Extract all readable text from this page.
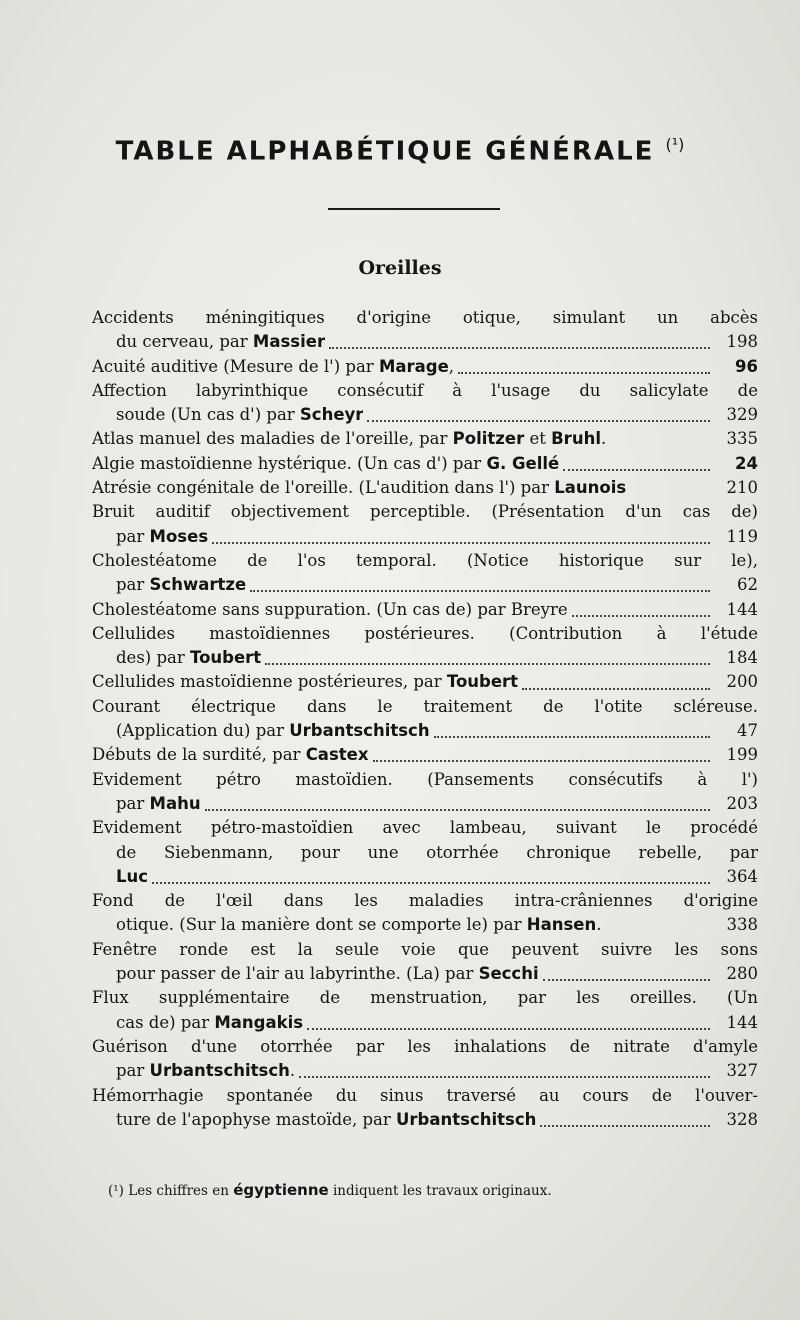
TABLE ALPHABÉTIQUE GÉNÉRALE $^{(^1)}$
Oreilles
Accidents méningitiques d'origine otique, simulant un abcès
du cerveau, par Massier	198
Acuité auditive (Mesure de l') par Marage,	96
Affection labyrinthique consécutif à l'usage du salicylate de
soude (Un cas d') par Scheyr	329
Atlas manuel des maladies de l'oreille, par Politzer et Bruhl.	335
Algie mastoïdienne hystérique. (Un cas d') par G. Gellé	24
Atrésie congénitale de l'oreille. (L'audition dans l') par Launois	210
Bruit auditif objectivement perceptible. (Présentation d'un cas de)
par Moses	119
Cholestéatome de l'os temporal. (Notice historique sur le),
par Schwartze	62
Cholestéatome sans suppuration. (Un cas de) par Breyre	144
Cellulides mastoïdiennes postérieures. (Contribution à l'étude
des) par Toubert	184
Cellulides mastoïdienne postérieures, par Toubert	200
Courant électrique dans le traitement de l'otite scléreuse.
(Application du) par Urbantschitsch	47
Débuts de la surdité, par Castex	199
Evidement pétro mastoïdien. (Pansements consécutifs à l')
par Mahu	203
Evidement pétro-mastoïdien avec lambeau, suivant le procédé
de Siebenmann, pour une otorrhée chronique rebelle, par
Luc	364
Fond de l'œil dans les maladies intra-crâniennes d'origine
otique. (Sur la manière dont se comporte le) par Hansen.	338
Fenêtre ronde est la seule voie que peuvent suivre les sons
pour passer de l'air au labyrinthe. (La) par Secchi	280
Flux supplémentaire de menstruation, par les oreilles. (Un
cas de) par Mangakis	144
Guérison d'une otorrhée par les inhalations de nitrate d'amyle
par Urbantschitsch.	327
Hémorrhagie spontanée du sinus traversé au cours de l'ouver-
ture de l'apophyse mastoïde, par Urbantschitsch	328
(¹) Les chiffres en égyptienne indiquent les travaux originaux.
